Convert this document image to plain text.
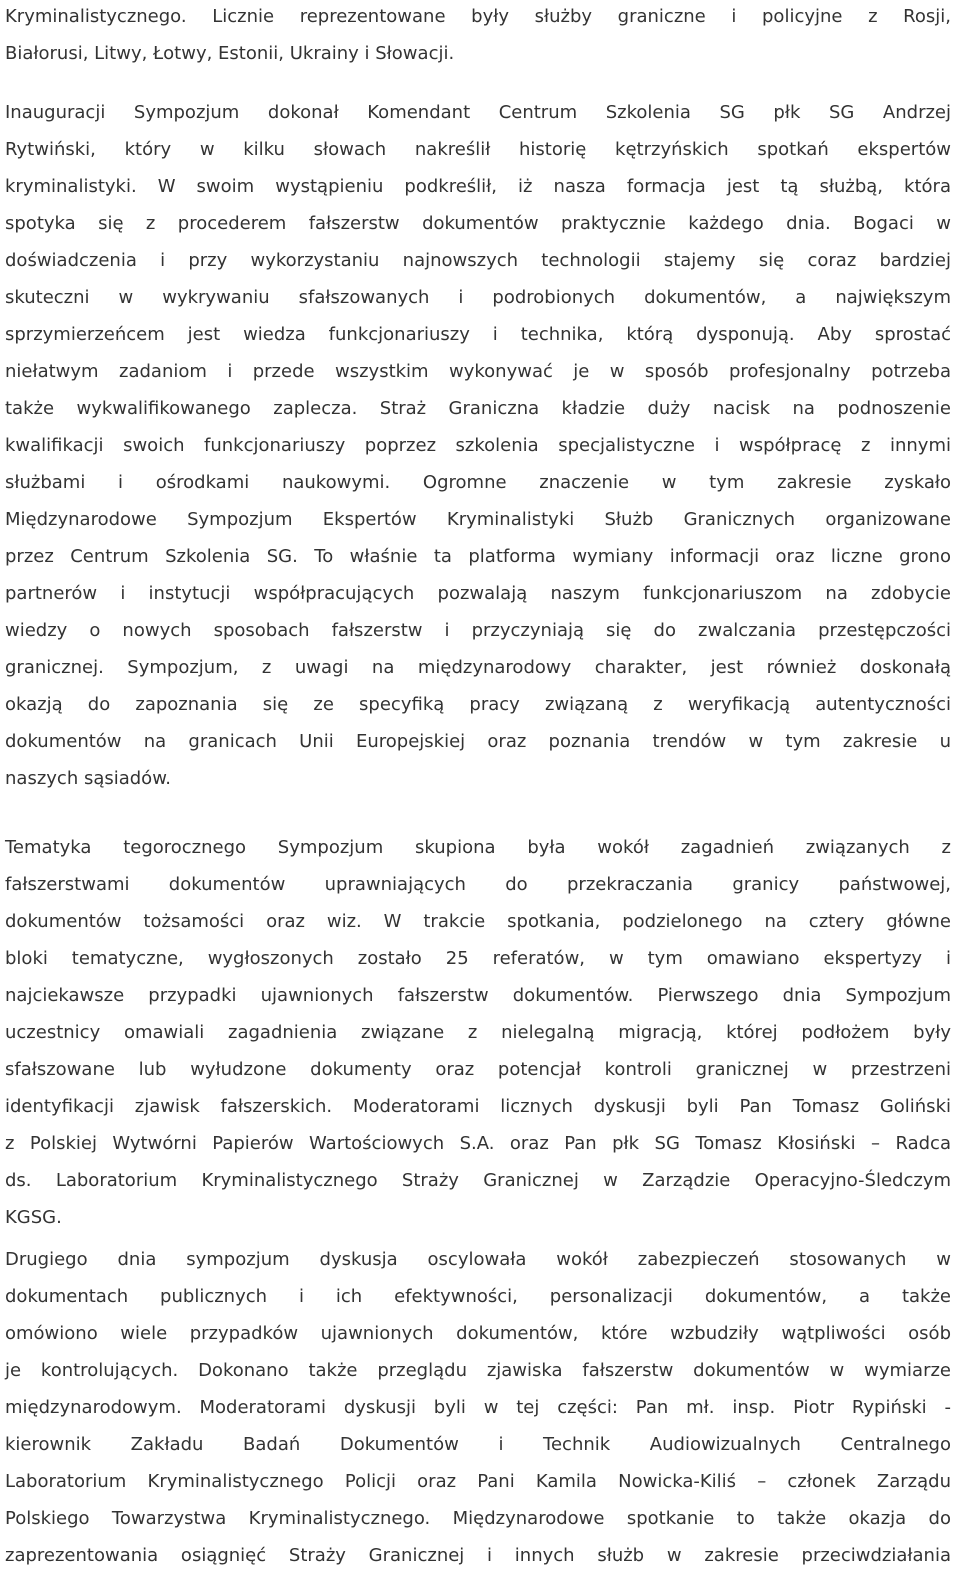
Kryminalistycznego. Licznie reprezentowane były służby graniczne i policyjne z Rosji,
Białorusi, Litwy, Łotwy, Estonii, Ukrainy i Słowacji.
Inauguracji Sympozjum dokonał Komendant Centrum Szkolenia SG płk SG Andrzej
Rytwiński, który w kilku słowach nakreślił historię kętrzyńskich spotkań ekspertów
kryminalistyki. W swoim wystąpieniu podkreślił, iż nasza formacja jest tą służbą, która
spotyka się z procederem fałszerstw dokumentów praktycznie każdego dnia. Bogaci w
doświadczenia i przy wykorzystaniu najnowszych technologii stajemy się coraz bardziej
skuteczni w wykrywaniu sfałszowanych i podrobionych dokumentów, a największym
sprzymierzeńcem jest wiedza funkcjonariuszy i technika, którą dysponują. Aby sprostać
niełatwym zadaniom i przede wszystkim wykonywać je w sposób profesjonalny potrzeba
także wykwalifikowanego zaplecza. Straż Graniczna kładzie duży nacisk na podnoszenie
kwalifikacji swoich funkcjonariuszy poprzez szkolenia specjalistyczne i współpracę z innymi
służbami i ośrodkami naukowymi. Ogromne znaczenie w tym zakresie zyskało
Międzynarodowe Sympozjum Ekspertów Kryminalistyki Służb Granicznych organizowane
przez Centrum Szkolenia SG. To właśnie ta platforma wymiany informacji oraz liczne grono
partnerów i instytucji współpracujących pozwalają naszym funkcjonariuszom na zdobycie
wiedzy o nowych sposobach fałszerstw i przyczyniają się do zwalczania przestępczości
granicznej. Sympozjum, z uwagi na międzynarodowy charakter, jest również doskonałą
okazją do zapoznania się ze specyfiką pracy związaną z weryfikacją autentyczności
dokumentów na granicach Unii Europejskiej oraz poznania trendów w tym zakresie u
naszych sąsiadów.
Tematyka tegorocznego Sympozjum skupiona była wokół zagadnień związanych z
fałszerstwami dokumentów uprawniających do przekraczania granicy państwowej,
dokumentów tożsamości oraz wiz. W trakcie spotkania, podzielonego na cztery główne
bloki tematyczne, wygłoszonych zostało 25 referatów, w tym omawiano ekspertyzy i
najciekawsze przypadki ujawnionych fałszerstw dokumentów. Pierwszego dnia Sympozjum
uczestnicy omawiali zagadnienia związane z nielegalną migracją, której podłożem były
sfałszowane lub wyłudzone dokumenty oraz potencjał kontroli granicznej w przestrzeni
identyfikacji zjawisk fałszerskich. Moderatorami licznych dyskusji byli Pan Tomasz Goliński
z Polskiej Wytwórni Papierów Wartościowych S.A. oraz Pan płk SG Tomasz Kłosiński – Radca
ds. Laboratorium Kryminalistycznego Straży Granicznej w Zarządzie Operacyjno-Śledczym
KGSG.
Drugiego dnia sympozjum dyskusja oscylowała wokół zabezpieczeń stosowanych w
dokumentach publicznych i ich efektywności, personalizacji dokumentów, a także
omówiono wiele przypadków ujawnionych dokumentów, które wzbudziły wątpliwości osób
je kontrolujących. Dokonano także przeglądu zjawiska fałszerstw dokumentów w wymiarze
międzynarodowym. Moderatorami dyskusji byli w tej części: Pan mł. insp. Piotr Rypiński -
kierownik Zakładu Badań Dokumentów i Technik Audiowizualnych Centralnego
Laboratorium Kryminalistycznego Policji oraz Pani Kamila Nowicka-Kiliś – członek Zarządu
Polskiego Towarzystwa Kryminalistycznego. Międzynarodowe spotkanie to także okazja do
zaprezentowania osiągnięć Straży Granicznej i innych służb w zakresie przeciwdziałania
